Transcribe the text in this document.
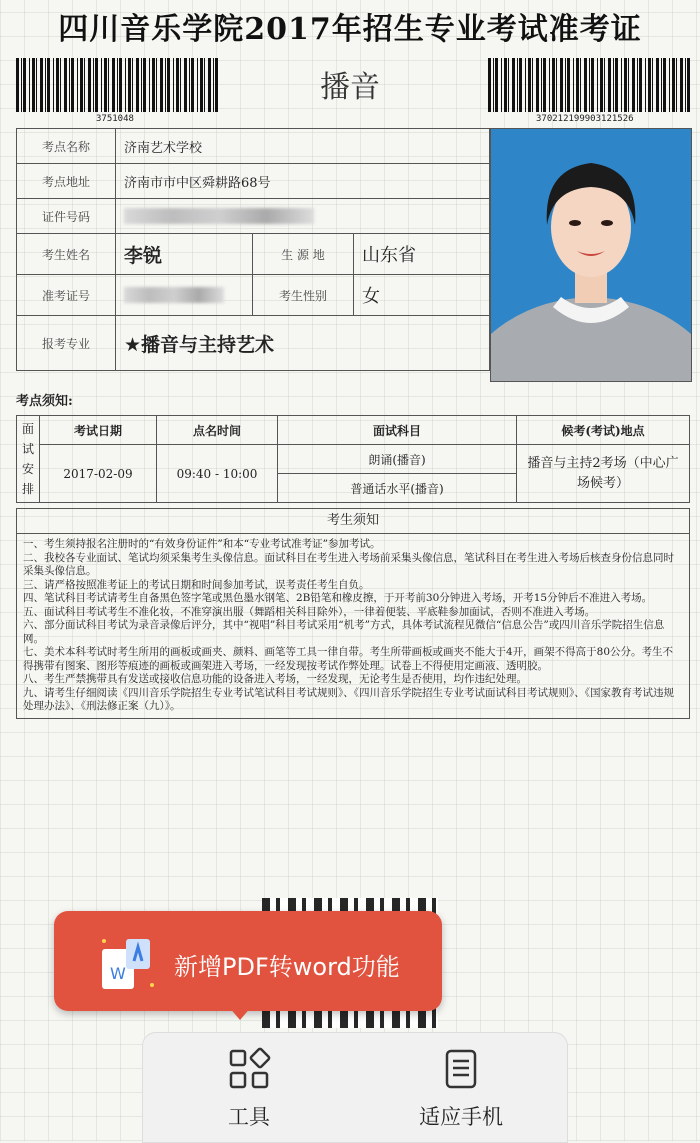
四川音乐学院2017年招生专业考试准考证
3751048
播音
37021219990312152​6
考点名称	济南艺术学校		
考点地址	济南市市中区舜耕路68号		
证件号码			
考生姓名	李锐	生 源 地	山东省
准考证号		考生性别	女
报考专业	★播音与主持艺术		
考点须知:
面试安排	考试日期	点名时间	面试科目	候考(考试)地点
	2017-02-09	09:40 - 10:00	朗诵(播音)	播音与主持2考场（中心广场候考）
			普通话水平(播音)	
考生须知
一、考生须持报名注册时的“有效身份证件”和本“专业考试准考证”参加考试。
二、我校各专业面试、笔试均须采集考生头像信息。面试科目在考生进入考场前采集头像信息，笔试科目在考生进入考场后核查身份信息同时采集头像信息。
三、请严格按照准考证上的考试日期和时间参加考试，误考责任考生自负。
四、笔试科目考试请考生自备黑色签字笔或黑色墨水钢笔、2B铅笔和橡皮擦，于开考前30分钟进入考场，开考15分钟后不准进入考场。
五、面试科目考试考生不准化妆，不准穿演出服（舞蹈相关科目除外），一律着便装、平底鞋参加面试，否则不准进入考场。
六、部分面试科目考试为录音录像后评分，其中“视唱”科目考试采用“机考”方式，具体考试流程见微信“信息公告”或四川音乐学院招生信息网。
七、美术本科考试时考生所用的画板或画夹、颜料、画笔等工具一律自带。考生所带画板或画夹不能大于4开，画架不得高于80公分。考生不得携带有图案、图形等痕迹的画板或画架进入考场，一经发现按考试作弊处理。试卷上不得使用定画液、透明胶。
八、考生严禁携带具有发送或接收信息功能的设备进入考场，一经发现，无论考生是否使用，均作违纪处理。
九、请考生仔细阅读《四川音乐学院招生专业考试笔试科目考试规则》、《四川音乐学院招生专业考试面试科目考试规则》、《国家教育考试违规处理办法》、《刑法修正案（九）》。
W 新增PDF转word功能
工具	适应手机
